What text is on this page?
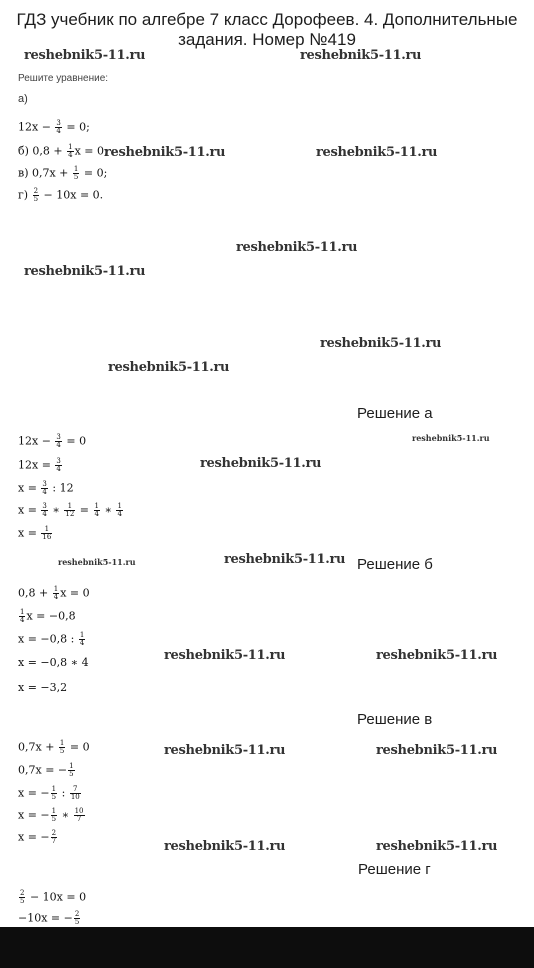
ГДЗ учебник по алгебре 7 класс Дорофеев. 4. Дополнительные
задания. Номер №419
reshebnik5-11.ru	reshebnik5-11.ru
Решите уравнение:
а)
$12x - \frac{3}{4} = 0$;
б) $0,8 + \frac{1}{4}$ x = 0;
reshebnik5-11.ru	reshebnik5-11.ru
в) $0,7x + \frac{1}{5} = 0$;
$г) \frac{2}{5} - 10x = 0$.
reshebnik5-11.ru
reshebnik5-11.ru
reshebnik5-11.ru
reshebnik5-11.ru
Решение а
reshebnik5-11.ru
$12x - \frac{3}{4} = 0$
$12x = \frac{3}{4}$	reshebnik5-11.ru
$x = \frac{3}{4}$ : 12
$x = \frac{3}{4}$ ∗ $\frac{1}{12} = \frac{1}{4}$ ∗ $\frac{1}{4}$
$x = \frac{1}{16}$
reshebnik5-11.ru	reshebnik5-11.ru Решение б
$0,8 + \frac{1}{4}$ x = 0
$\frac{1}{4}$ x = −0,8
x = −0,8 : $\frac{1}{4}$
x = −0,8 ∗ 4	reshebnik5-11.ru	reshebnik5-11.ru
x = −3,2
Решение в
$0,7x + \frac{1}{5} = 0$	reshebnik5-11.ru	reshebnik5-11.ru
0,7x = − $\frac{1}{5}$
x = − $\frac{1}{5}$ : $\frac{7}{10}$
x = − $\frac{1}{5}$ ∗ $\frac{10}{7}$
x = − $\frac{2}{7}$
reshebnik5-11.ru	reshebnik5-11.ru
Решение г
$\frac{2}{5} - 10x = 0$
−10x = − $\frac{2}{5}$
